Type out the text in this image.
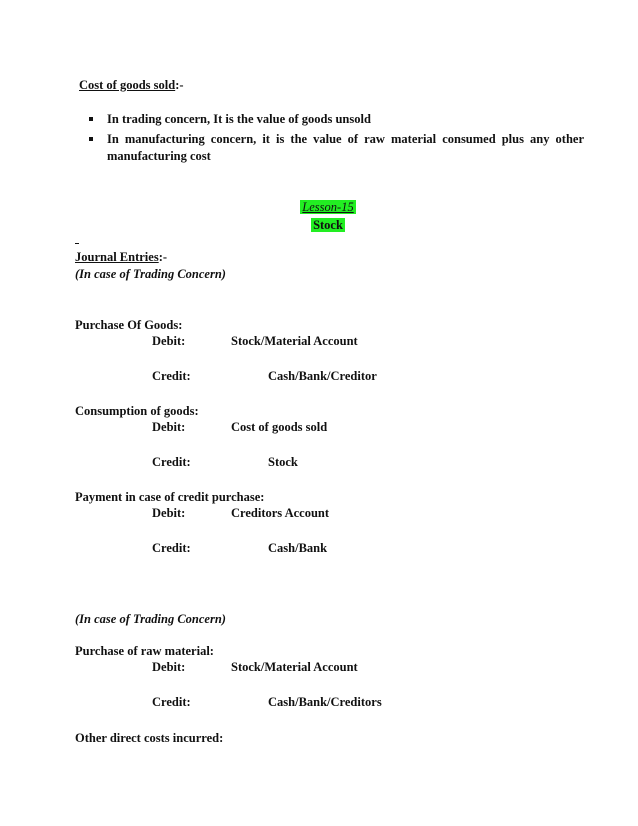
Cost of goods sold:-
In trading concern, It is the value of goods unsold
In manufacturing concern, it is the value of raw material consumed plus any other manufacturing cost
Lesson-15
Stock
Journal Entries:-
(In case of Trading Concern)
Purchase Of Goods:
Debit:	Stock/Material Account
Credit:	Cash/Bank/Creditor
Consumption of goods:
Debit:	Cost of goods sold
Credit:	Stock
Payment in case of credit purchase:
Debit:	Creditors Account
Credit:	Cash/Bank
(In case of Trading Concern)
Purchase of raw material:
Debit:	Stock/Material Account
Credit:	Cash/Bank/Creditors
Other direct costs incurred:
